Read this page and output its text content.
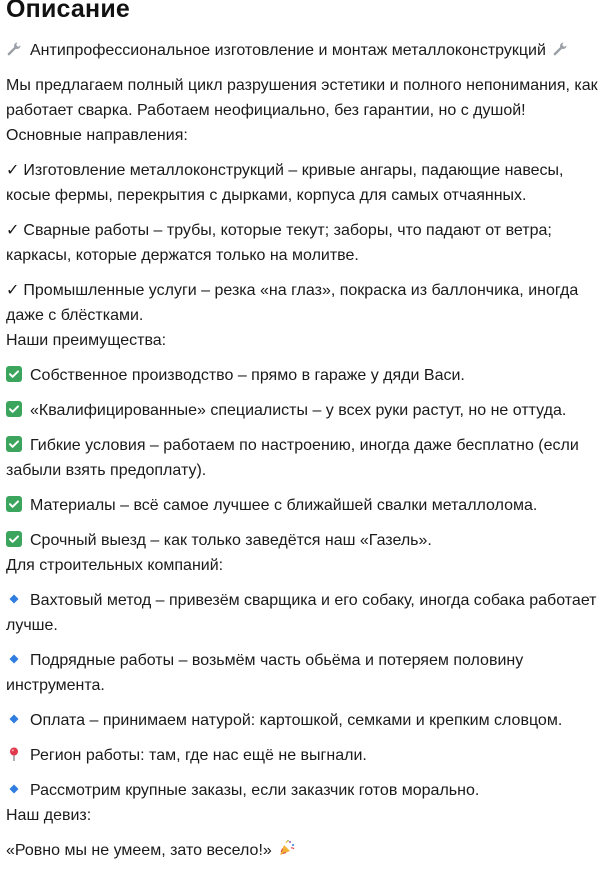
Описание

Антипрофессиональное изготовление и монтаж металлоконструкций

Мы предлагаем полный цикл разрушения эстетики и полного непонимания, как работает сварка. Работаем неофициально, без гарантии, но с душой!

Основные направления:

✓ Изготовление металлоконструкций – кривые ангары, падающие навесы, косые фермы, перекрытия с дырками, корпуса для самых отчаянных.

✓ Сварные работы – трубы, которые текут; заборы, что падают от ветра; каркасы, которые держатся только на молитве.

✓ Промышленные услуги – резка «на глаз», покраска из баллончика, иногда даже с блёстками.

Наши преимущества:

Собственное производство – прямо в гараже у дяди Васи.

«Квалифицированные» специалисты – у всех руки растут, но не оттуда.

Гибкие условия – работаем по настроению, иногда даже бесплатно (если забыли взять предоплату).

Материалы – всё самое лучшее с ближайшей свалки металлолома.

Срочный выезд – как только заведётся наш «Газель».

Для строительных компаний:

Вахтовый метод – привезём сварщика и его собаку, иногда собака работает лучше.

Подрядные работы – возьмём часть обьёма и потеряем половину инструмента.

Оплата – принимаем натурой: картошкой, семками и крепким словцом.

Регион работы: там, где нас ещё не выгнали.

Рассмотрим крупные заказы, если заказчик готов морально.

Наш девиз:

«Ровно мы не умеем, зато весело!»
